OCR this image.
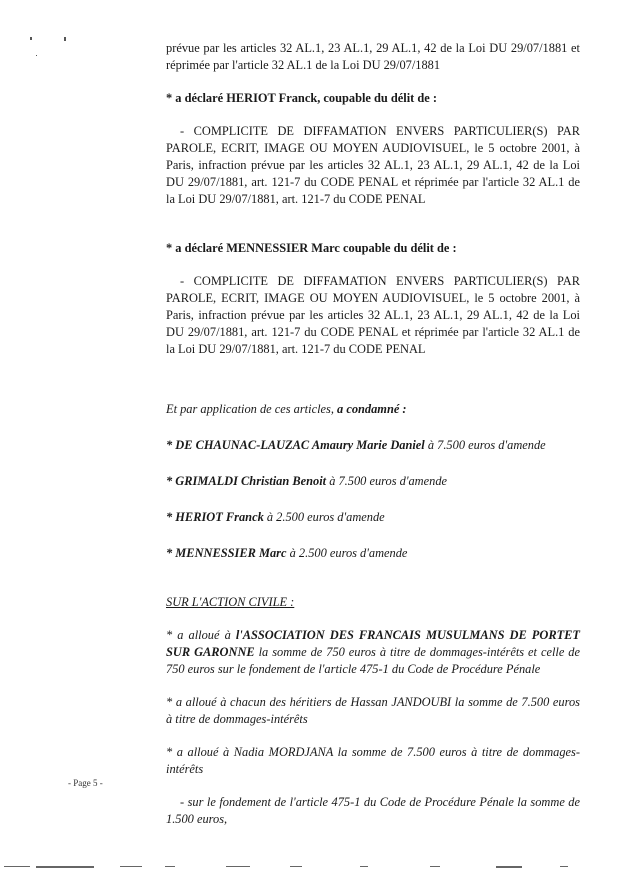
prévue par les articles 32 AL.1, 23 AL.1, 29 AL.1, 42 de la Loi DU 29/07/1881 et réprimée par l'article 32 AL.1 de la Loi DU 29/07/1881

* a déclaré HERIOT Franck, coupable du délit de :

- COMPLICITE DE DIFFAMATION ENVERS PARTICULIER(S) PAR PAROLE, ECRIT, IMAGE OU MOYEN AUDIOVISUEL, le 5 octobre 2001, à Paris, infraction prévue par les articles 32 AL.1, 23 AL.1, 29 AL.1, 42 de la Loi DU 29/07/1881, art. 121-7 du CODE PENAL et réprimée par l'article 32 AL.1 de la Loi DU 29/07/1881, art. 121-7 du CODE PENAL

* a déclaré MENNESSIER Marc coupable du délit de :

- COMPLICITE DE DIFFAMATION ENVERS PARTICULIER(S) PAR PAROLE, ECRIT, IMAGE OU MOYEN AUDIOVISUEL, le 5 octobre 2001, à Paris, infraction prévue par les articles 32 AL.1, 23 AL.1, 29 AL.1, 42 de la Loi DU 29/07/1881, art. 121-7 du CODE PENAL et réprimée par l'article 32 AL.1 de la Loi DU 29/07/1881, art. 121-7 du CODE PENAL

Et par application de ces articles, a condamné :

* DE CHAUNAC-LAUZAC Amaury Marie Daniel à 7.500 euros d'amende

* GRIMALDI Christian Benoit à 7.500 euros d'amende

* HERIOT Franck à 2.500 euros d'amende

* MENNESSIER Marc à 2.500 euros d'amende

SUR L'ACTION CIVILE :

* a alloué à l'ASSOCIATION DES FRANCAIS MUSULMANS DE PORTET SUR GARONNE la somme de 750 euros à titre de dommages-intérêts et celle de 750 euros sur le fondement de l'article 475-1 du Code de Procédure Pénale

* a alloué à chacun des héritiers de Hassan JANDOUBI la somme de 7.500 euros à titre de dommages-intérêts

* a alloué à Nadia MORDJANA la somme de 7.500 euros à titre de dommages-intérêts

- sur le fondement de l'article 475-1 du Code de Procédure Pénale la somme de 1.500 euros,

- Page 5 -
